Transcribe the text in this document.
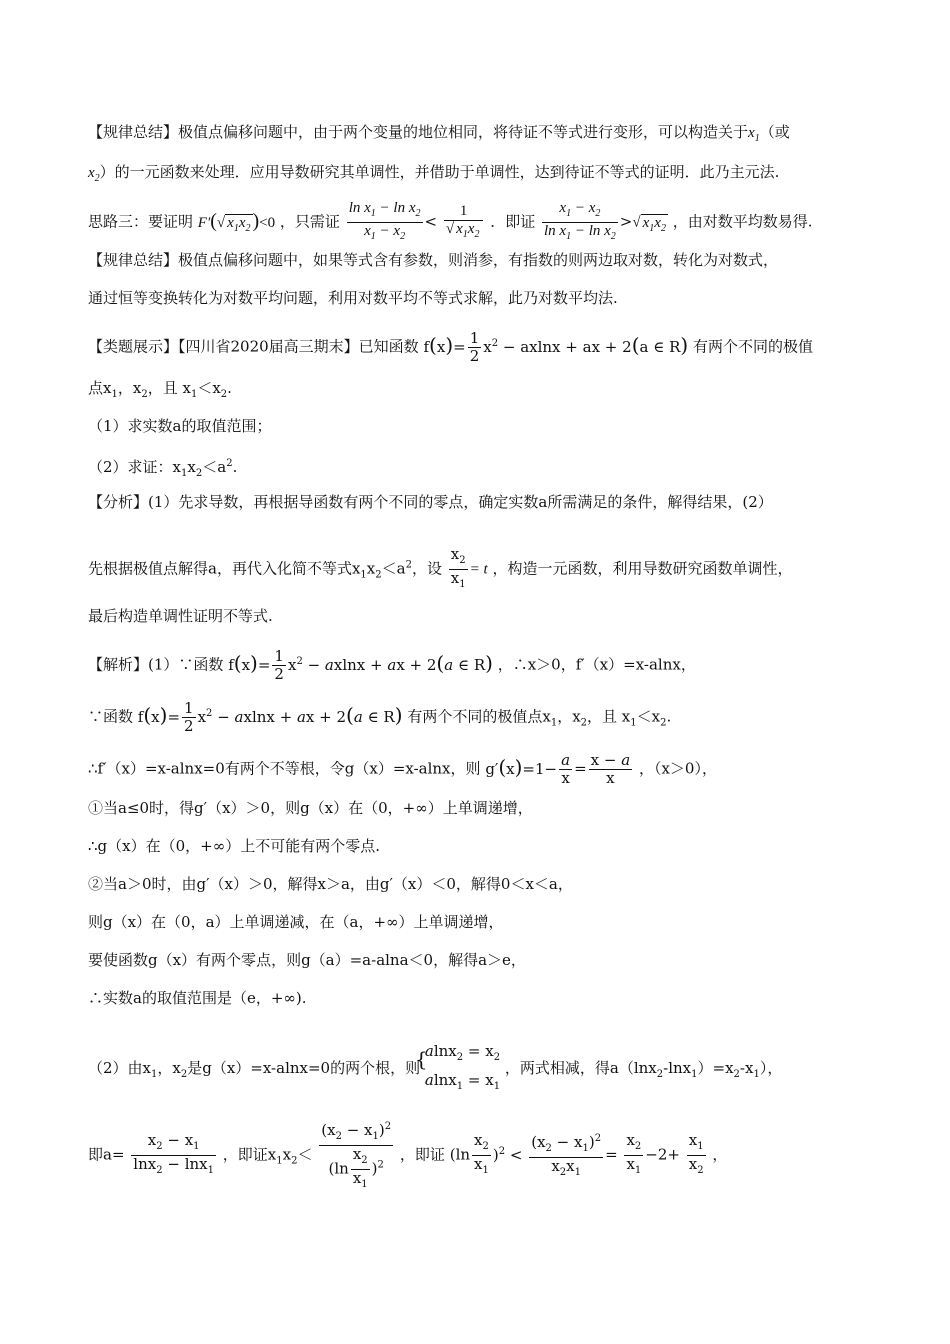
【规律总结】极值点偏移问题中，由于两个变量的地位相同，将待证不等式进行变形，可以构造关于$x_1$（或
$x_2$）的一元函数来处理．应用导数研究其单调性，并借助于单调性，达到待证不等式的证明．此乃主元法.
思路三：要证明 F′(√ $x_1x_2$ )<0 ，只需证 $\frac{\ln x_1 - \ln x_2}{x_1 - x_2} < \frac{1}{√ x_1x_2}$ ．即证 $\frac{x_1 - x_2}{\ln x_1 - \ln x_2}$ >√ $x_1x_2$ ，由对数平均数易得.
【规律总结】极值点偏移问题中，如果等式含有参数，则消参，有指数的则两边取对数，转化为对数式，
通过恒等变换转化为对数平均问题，利用对数平均不等式求解，此乃对数平均法.
【类题展示】【四川省2020届高三期末】已知函数 $f(x)= \frac{1}{2} x^2 - axlnx$ + ax + 2(a ∈ R) 有两个不同的极值
点$x_1$，$x_2$，且 $x_1<x_2$.
（1）求实数a的取值范围；
（2）求证：$x_1x_2<a^2$.
【分析】(1）先求导数，再根据导函数有两个不同的零点，确定实数a所需满足的条件，解得结果，(2）
先根据极值点解得a，再代入化简不等式$x_1x_2<a^2$，设 $\frac{x_2}{x_1} = t$ ，构造一元函数，利用导数研究函数单调性，
最后构造单调性证明不等式.
【解析】(1）∵函数 $f(x)= \frac{1}{2} x^2 - axlnx$ + ax + 2(a ∈ R) ，∴x＞0，f′（x）=x-alnx，
∵函数 $f(x)= \frac{1}{2} x^2 - axlnx$ + ax + 2(a ∈ R) 有两个不同的极值点$x_1$，$x_2$，且 $x_1<x_2$.
∴f′（x）=x-alnx=0有两个不等根，令g（x）=x-alnx，则 $g'(x)=1- \frac{a}{x} = \frac{x - a}{x}$ ，（x＞0），
①当a≤0时，得g′（x）＞0，则g（x）在（0，+∞）上单调递增，
∴g（x）在（0，+∞）上不可能有两个零点.
②当a＞0时，由g′（x）＞0，解得x＞a，由g′（x）＜0，解得0＜x＜a，
则g（x）在（0，a）上单调递减，在（a，+∞）上单调递增，
要使函数g（x）有两个零点，则g（a）=a-alna＜0，解得a＞e，
∴实数a的取值范围是（e，+∞).
（2）由$x_1$，$x_2$是g（x）=x-alnx=0的两个根，则
{
$alnx_2 = x_2$
$alnx_1 = x_1$
，两式相减，得$a(\ln x_2-\ln x_1)=x_2-x_1$），
即$a= \frac{x_2 - x_1}{\ln x_2 - \ln x_1}$ ，即证$x_1x_2< \frac{(x_2 - x_1)^2}{(\ln \frac{x_2}{x_1} )^2}$ ，即证 $(\ln \frac{x_2}{x_1} )^2 < \frac{(x_2 - x_1)^2}{x_2x_1} = \frac{x_2}{x_1} -2+ \frac{x_1}{x_2}$ ，
